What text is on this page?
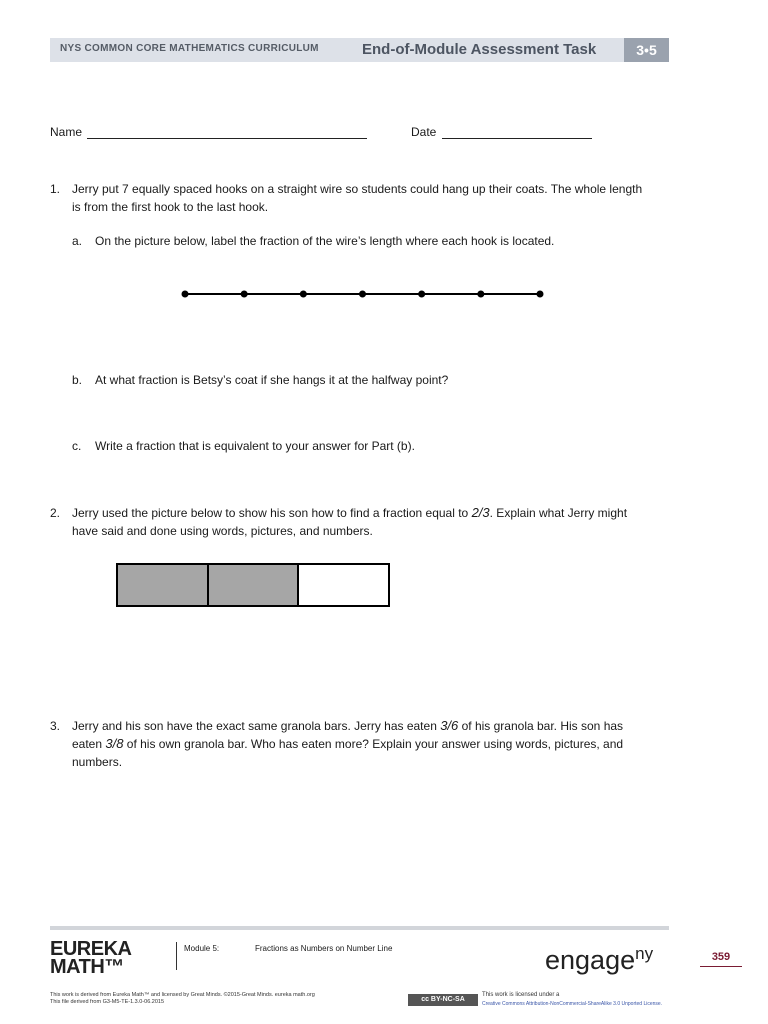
NYS COMMON CORE MATHEMATICS CURRICULUM	End-of-Module Assessment Task	3•5
Name	Date
1. Jerry put 7 equally spaced hooks on a straight wire so students could hang up their coats. The whole length is from the first hook to the last hook.
a. On the picture below, label the fraction of the wire’s length where each hook is located.
b. At what fraction is Betsy’s coat if she hangs it at the halfway point?
c. Write a fraction that is equivalent to your answer for Part (b).
2. Jerry used the picture below to show his son how to find a fraction equal to 2/3. Explain what Jerry might
have said and done using words, pictures, and numbers.
3. Jerry and his son have the exact same granola bars. Jerry has eaten 3/6 of his granola bar. His son has
eaten 3/8 of his own granola bar. Who has eaten more? Explain your answer using words, pictures, and
numbers.
EUREKA
MATH™
Module 5:	Fractions as Numbers on Number Line	engage$^{ny}$	359
This work is derived from Eureka Math™ and licensed by Great Minds. ©2015-Great Minds. eureka math.org
This file derived from G3-M5-TE-1.3.0-06.2015	cc BY-NC-SA
This work is licensed under a
Creative Commons Attribution-NonCommercial-ShareAlike 3.0 Unported License.
